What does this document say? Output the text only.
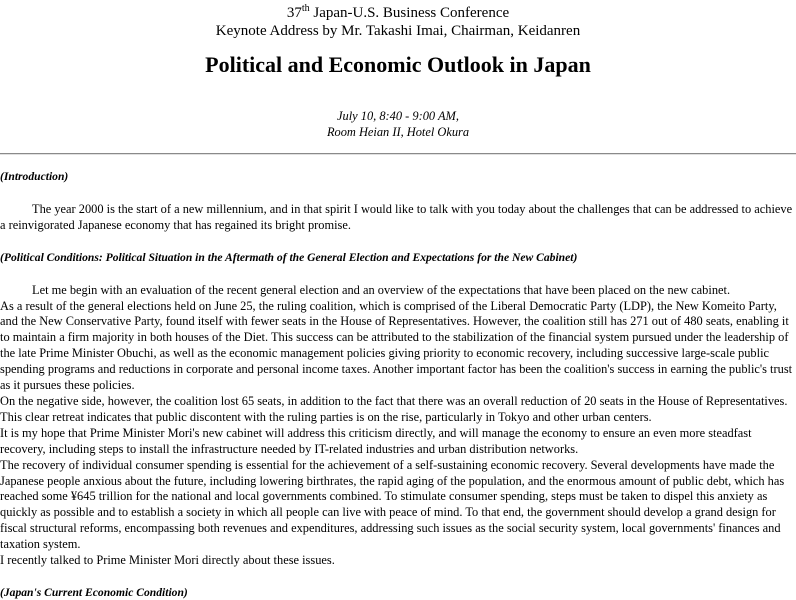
37th Japan-U.S. Business Conference

Keynote Address by Mr. Takashi Imai, Chairman, Keidanren

Political and Economic Outlook in Japan
July 10, 8:40 - 9:00 AM,
Room Heian II, Hotel Okura

(Introduction)

The year 2000 is the start of a new millennium, and in that spirit I would like to talk with you today about the challenges that can be addressed to achieve a reinvigorated Japanese economy that has regained its bright promise.

(Political Conditions: Political Situation in the Aftermath of the General Election and Expectations for the New Cabinet)

Let me begin with an evaluation of the recent general election and an overview of the expectations that have been placed on the new cabinet.

As a result of the general elections held on June 25, the ruling coalition, which is comprised of the Liberal Democratic Party (LDP), the New Komeito Party, and the New Conservative Party, found itself with fewer seats in the House of Representatives. However, the coalition still has 271 out of 480 seats, enabling it to maintain a firm majority in both houses of the Diet. This success can be attributed to the stabilization of the financial system pursued under the leadership of the late Prime Minister Obuchi, as well as the economic management policies giving priority to economic recovery, including successive large-scale public spending programs and reductions in corporate and personal income taxes. Another important factor has been the coalition's success in earning the public's trust as it pursues these policies.

On the negative side, however, the coalition lost 65 seats, in addition to the fact that there was an overall reduction of 20 seats in the House of Representatives. This clear retreat indicates that public discontent with the ruling parties is on the rise, particularly in Tokyo and other urban centers.

It is my hope that Prime Minister Mori's new cabinet will address this criticism directly, and will manage the economy to ensure an even more steadfast recovery, including steps to install the infrastructure needed by IT-related industries and urban distribution networks.

The recovery of individual consumer spending is essential for the achievement of a self-sustaining economic recovery. Several developments have made the Japanese people anxious about the future, including lowering birthrates, the rapid aging of the population, and the enormous amount of public debt, which has reached some ¥645 trillion for the national and local governments combined. To stimulate consumer spending, steps must be taken to dispel this anxiety as quickly as possible and to establish a society in which all people can live with peace of mind. To that end, the government should develop a grand design for fiscal structural reforms, encompassing both revenues and expenditures, addressing such issues as the social security system, local governments' finances and taxation system.

I recently talked to Prime Minister Mori directly about these issues.

(Japan's Current Economic Condition)
